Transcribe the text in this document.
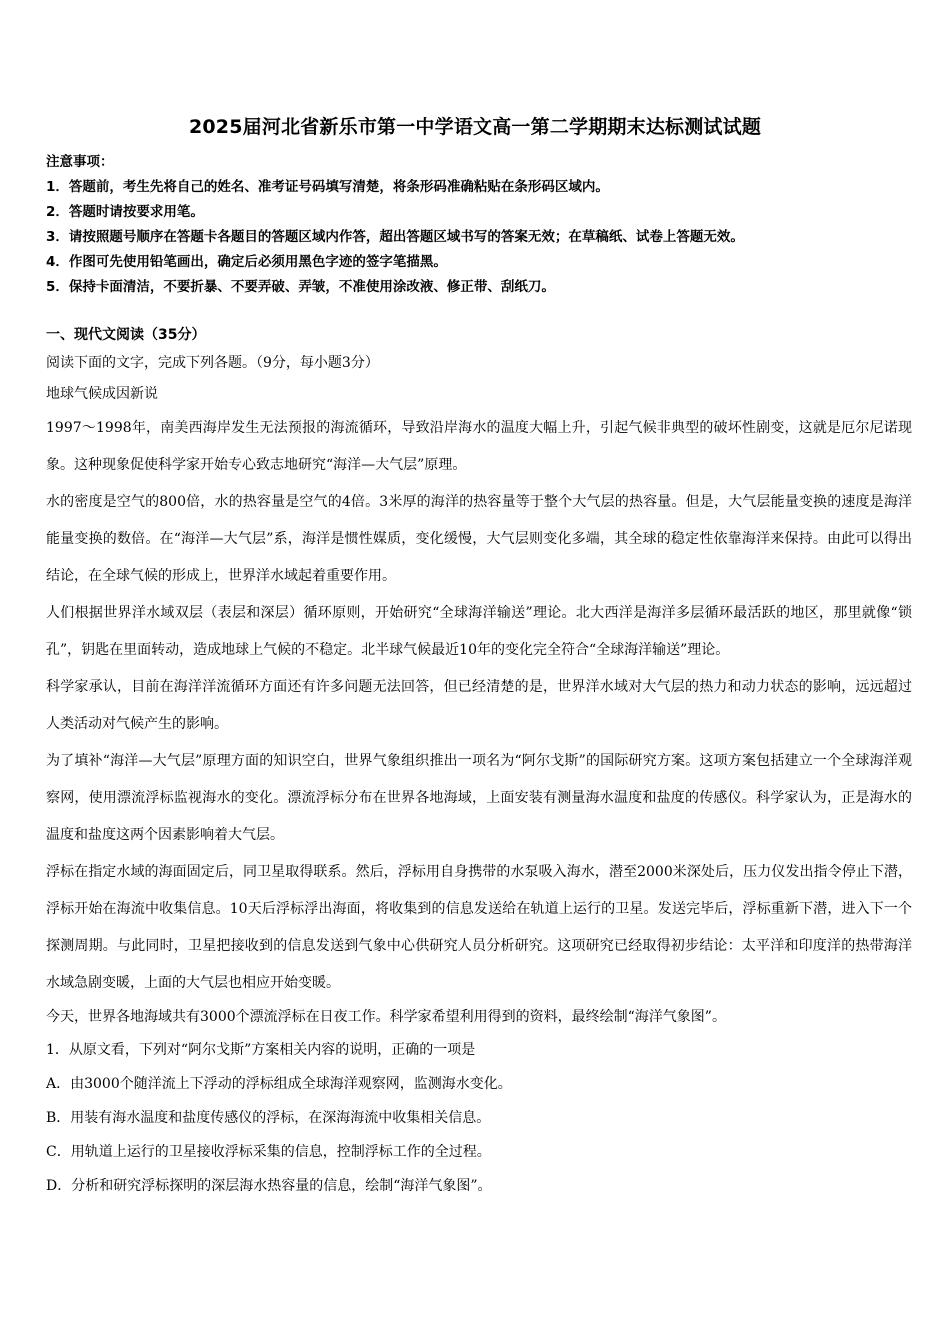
2025届河北省新乐市第一中学语文高一第二学期期末达标测试试题
注意事项：
1．答题前，考生先将自己的姓名、准考证号码填写清楚，将条形码准确粘贴在条形码区域内。
2．答题时请按要求用笔。
3．请按照题号顺序在答题卡各题目的答题区域内作答，超出答题区域书写的答案无效；在草稿纸、试卷上答题无效。
4．作图可先使用铅笔画出，确定后必须用黑色字迹的签字笔描黑。
5．保持卡面清洁，不要折暴、不要弄破、弄皱，不准使用涂改液、修正带、刮纸刀。
一、现代文阅读（35分）
阅读下面的文字，完成下列各题。（9分，每小题3分）
地球气候成因新说
1997～1998年，南美西海岸发生无法预报的海流循环，导致沿岸海水的温度大幅上升，引起气候非典型的破坏性剧变，这就是厄尔尼诺现象。这种现象促使科学家开始专心致志地研究“海洋—大气层”原理。
水的密度是空气的800倍，水的热容量是空气的4倍。3米厚的海洋的热容量等于整个大气层的热容量。但是，大气层能量变换的速度是海洋能量变换的数倍。在“海洋—大气层”系，海洋是惯性媒质，变化缓慢，大气层则变化多端，其全球的稳定性依靠海洋来保持。由此可以得出结论，在全球气候的形成上，世界洋水域起着重要作用。
人们根据世界洋水域双层（表层和深层）循环原则，开始研究“全球海洋输送”理论。北大西洋是海洋多层循环最活跃的地区，那里就像“锁孔”，钥匙在里面转动，造成地球上气候的不稳定。北半球气候最近10年的变化完全符合“全球海洋输送”理论。
科学家承认，目前在海洋洋流循环方面还有许多问题无法回答，但已经清楚的是，世界洋水域对大气层的热力和动力状态的影响，远远超过人类活动对气候产生的影响。
为了填补“海洋—大气层”原理方面的知识空白，世界气象组织推出一项名为“阿尔戈斯”的国际研究方案。这项方案包括建立一个全球海洋观察网，使用漂流浮标监视海水的变化。漂流浮标分布在世界各地海域，上面安装有测量海水温度和盐度的传感仪。科学家认为，正是海水的温度和盐度这两个因素影响着大气层。
浮标在指定水域的海面固定后，同卫星取得联系。然后，浮标用自身携带的水泵吸入海水，潜至2000米深处后，压力仪发出指令停止下潜，浮标开始在海流中收集信息。10天后浮标浮出海面，将收集到的信息发送给在轨道上运行的卫星。发送完毕后，浮标重新下潜，进入下一个探测周期。与此同时，卫星把接收到的信息发送到气象中心供研究人员分析研究。这项研究已经取得初步结论：太平洋和印度洋的热带海洋水域急剧变暖，上面的大气层也相应开始变暖。
今天，世界各地海域共有3000个漂流浮标在日夜工作。科学家希望利用得到的资料，最终绘制“海洋气象图”。
1．从原文看，下列对“阿尔戈斯”方案相关内容的说明，正确的一项是
A．由3000个随洋流上下浮动的浮标组成全球海洋观察网，监测海水变化。
B．用装有海水温度和盐度传感仪的浮标，在深海海流中收集相关信息。
C．用轨道上运行的卫星接收浮标采集的信息，控制浮标工作的全过程。
D．分析和研究浮标探明的深层海水热容量的信息，绘制“海洋气象图”。
